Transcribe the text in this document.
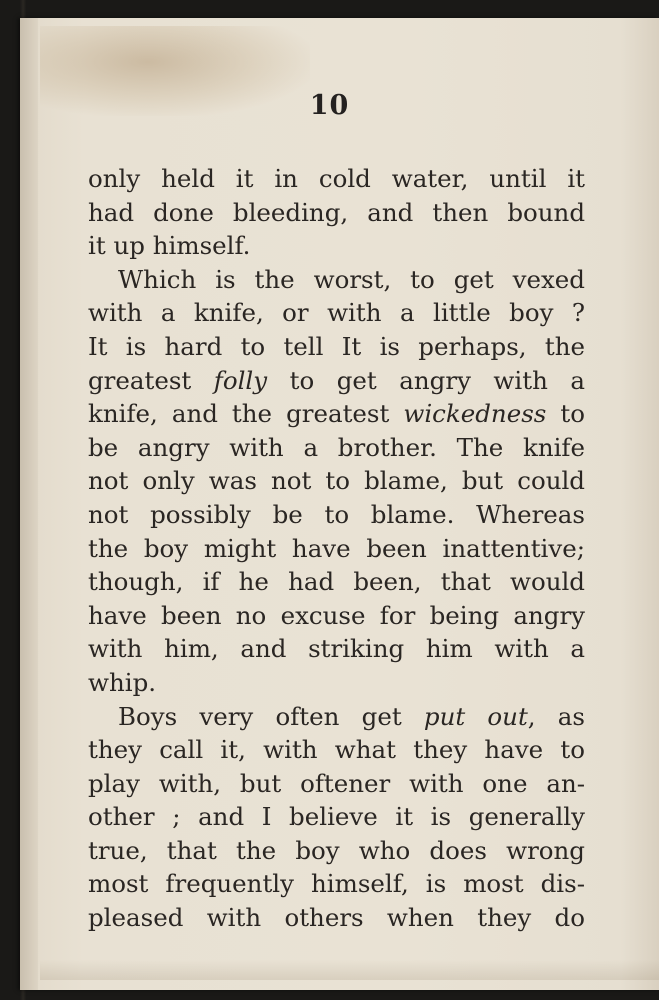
10
only held it in cold water, until it
had done bleeding, and then bound
it up himself.
Which is the worst, to get vexed
with a knife, or with a little boy ?
It is hard to tell It is perhaps, the
greatest folly to get angry with a
knife, and the greatest wickedness to
be angry with a brother. The knife
not only was not to blame, but could
not possibly be to blame. Whereas
the boy might have been inattentive;
though, if he had been, that would
have been no excuse for being angry
with him, and striking him with a
whip.
Boys very often get put out, as
they call it, with what they have to
play with, but oftener with one an-
other ; and I believe it is generally
true, that the boy who does wrong
most frequently himself, is most dis-
pleased with others when they do
